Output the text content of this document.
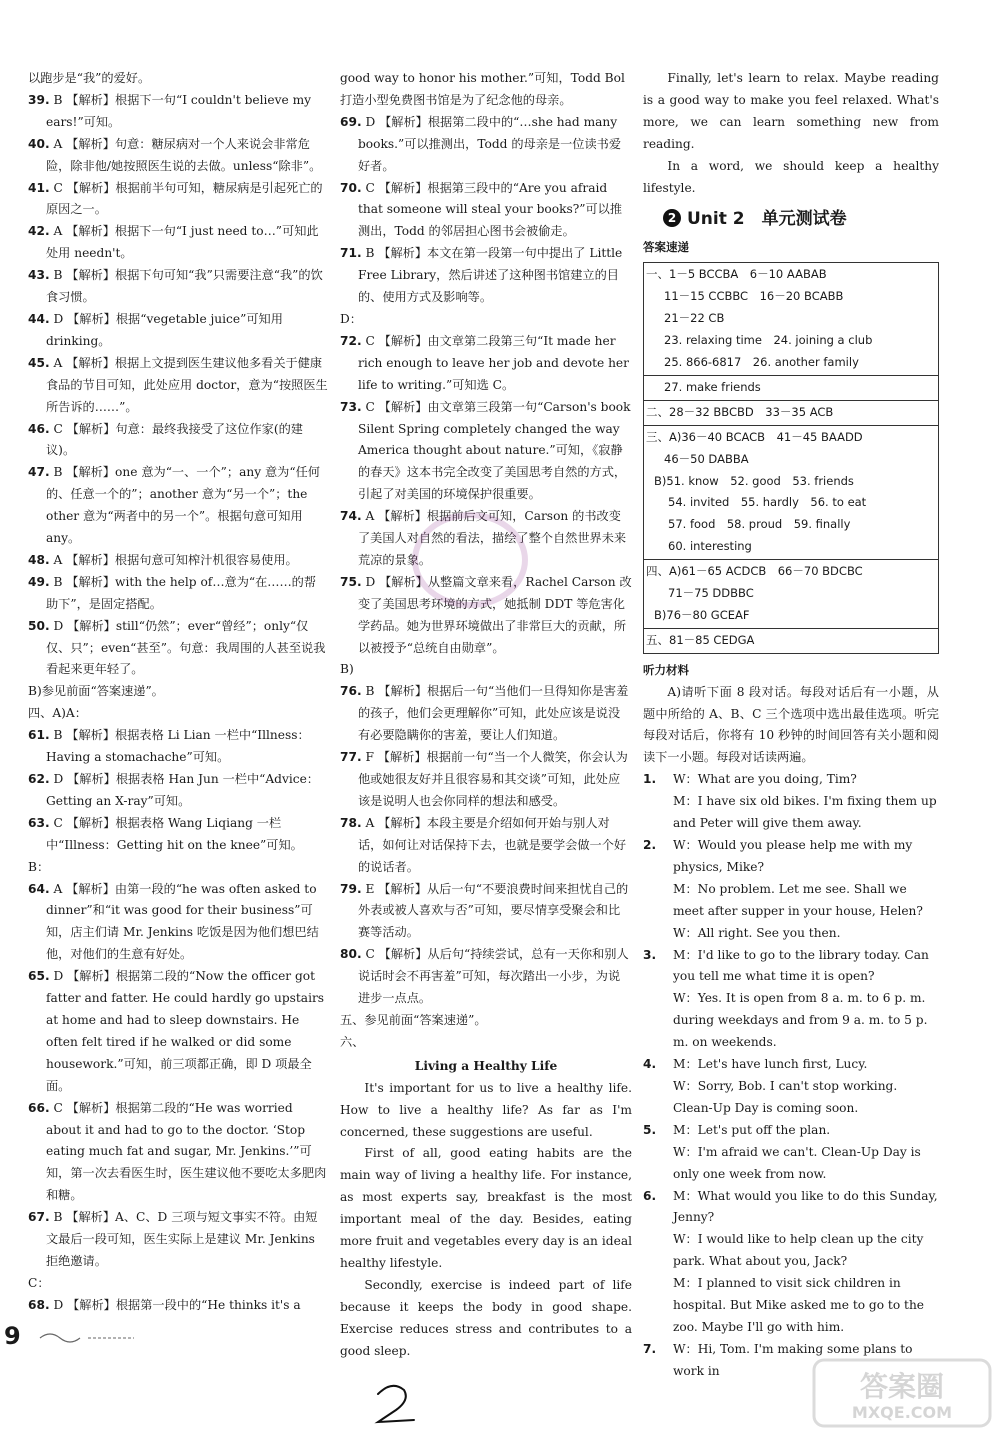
以跑步是“我”的爱好。

39. B 【解析】根据下一句“I couldn't believe my ears!”可知。

40. A 【解析】句意：糖尿病对一个人来说会非常危险，除非他/她按照医生说的去做。unless“除非”。

41. C 【解析】根据前半句可知，糖尿病是引起死亡的原因之一。

42. A 【解析】根据下一句“I just need to…”可知此处用 needn't。

43. B 【解析】根据下句可知“我”只需要注意“我”的饮食习惯。

44. D 【解析】根据“vegetable juice”可知用 drinking。

45. A 【解析】根据上文提到医生建议他多看关于健康食品的节目可知，此处应用 doctor，意为“按照医生所告诉的……”。

46. C 【解析】句意：最终我接受了这位作家(的建议)。

47. B 【解析】one 意为“一、一个”；any 意为“任何的、任意一个的”；another 意为“另一个”；the other 意为“两者中的另一个”。根据句意可知用 any。

48. A 【解析】根据句意可知榨汁机很容易使用。

49. B 【解析】with the help of…意为“在……的帮助下”，是固定搭配。

50. D 【解析】still“仍然”；ever“曾经”；only“仅仅、只”；even“甚至”。句意：我周围的人甚至说我看起来更年轻了。

B)参见前面“答案速递”。

四、A)A：

61. B 【解析】根据表格 Li Lian 一栏中“Illness：Having a stomachache”可知。

62. D 【解析】根据表格 Han Jun 一栏中“Advice：Getting an X-ray”可知。

63. C 【解析】根据表格 Wang Liqiang 一栏中“Illness：Getting hit on the knee”可知。

B：

64. A 【解析】由第一段的“he was often asked to dinner”和“it was good for their business”可知，店主们请 Mr. Jenkins 吃饭是因为他们想巴结他，对他们的生意有好处。

65. D 【解析】根据第二段的“Now the officer got fatter and fatter. He could hardly go upstairs at home and had to sleep downstairs. He often felt tired if he walked or did some housework.”可知，前三项都正确，即 D 项最全面。

66. C 【解析】根据第二段的“He was worried about it and had to go to the doctor. ‘Stop eating much fat and sugar, Mr. Jenkins.’”可知，第一次去看医生时，医生建议他不要吃太多肥肉和糖。

67. B 【解析】A、C、D 三项与短文事实不符。由短文最后一段可知，医生实际上是建议 Mr. Jenkins 拒绝邀请。

C：

68. D 【解析】根据第一段中的“He thinks it's a

good way to honor his mother.”可知，Todd Bol 打造小型免费图书馆是为了纪念他的母亲。

69. D 【解析】根据第二段中的“…she had many books.”可以推测出，Todd 的母亲是一位读书爱好者。

70. C 【解析】根据第三段中的“Are you afraid that someone will steal your books?”可以推测出，Todd 的邻居担心图书会被偷走。

71. B 【解析】本文在第一段第一句中提出了 Little Free Library，然后讲述了这种图书馆建立的目的、使用方式及影响等。

D：

72. C 【解析】由文章第二段第三句“It made her rich enough to leave her job and devote her life to writing.”可知选 C。

73. C 【解析】由文章第三段第一句“Carson's book Silent Spring completely changed the way America thought about nature.”可知，《寂静的春天》这本书完全改变了美国思考自然的方式，引起了对美国的环境保护很重要。

74. A 【解析】根据前后文可知，Carson 的书改变了美国人对自然的看法，描绘了整个自然世界未来荒凉的景象。

75. D 【解析】从整篇文章来看，Rachel Carson 改变了美国思考环境的方式，她抵制 DDT 等危害化学药品。她为世界环境做出了非常巨大的贡献，所以被授予“总统自由勋章”。

B)

76. B 【解析】根据后一句“当他们一旦得知你是害羞的孩子，他们会更理解你”可知，此处应该是说没有必要隐瞒你的害羞，要让人们知道。

77. F 【解析】根据前一句“当一个人微笑，你会认为他或她很友好并且很容易和其交谈”可知，此处应该是说明人也会你同样的想法和感受。

78. A 【解析】本段主要是介绍如何开始与别人对话，如何让对话保持下去，也就是要学会做一个好的说话者。

79. E 【解析】从后一句“不要浪费时间来担忧自己的外表或被人喜欢与否”可知，要尽情享受聚会和比赛等活动。

80. C 【解析】从后句“持续尝试，总有一天你和别人说话时会不再害羞”可知，每次踏出一小步，为说进步一点点。

五、参见前面“答案速递”。

六、

Living a Healthy Life

It's important for us to live a healthy life. How to live a healthy life? As far as I'm concerned, these suggestions are useful.

First of all, good eating habits are the main way of living a healthy life. For instance, as most experts say, breakfast is the most important meal of the day. Besides, eating more fruit and vegetables every day is an ideal healthy lifestyle.

Secondly, exercise is indeed part of life because it keeps the body in good shape. Exercise reduces stress and contributes to a good sleep.

Finally, let's learn to relax. Maybe reading is a good way to make you feel relaxed. What's more, we can learn something new from reading.

In a word, we should keep a healthy lifestyle.

2 Unit 2　单元测试卷

答案速递

一、1－5 BCCBA　6－10 AABAB
11－15 CCBBC　16－20 BCABB
21－22 CB
23. relaxing time　24. joining a club
25. 866-6817　26. another family
27. make friends
二、28－32 BBCBD　33－35 ACB
三、A)36－40 BCACB　41－45 BAADD
46－50 DABBA
B)51. know　52. good　53. friends
54. invited　55. hardly　56. to eat
57. food　58. proud　59. finally
60. interesting
四、A)61－65 ACDCB　66－70 BDCBC
71－75 DDBBC
B)76－80 GCEAF
五、81－85 CEDGA

听力材料

A)请听下面 8 段对话。每段对话后有一小题，从题中所给的 A、B、C 三个选项中选出最佳选项。听完每段对话后，你将有 10 秒钟的时间回答有关小题和阅读下一小题。每段对话读两遍。

1. W：What are you doing, Tim?

M：I have six old bikes. I'm fixing them up and Peter will give them away.

2. W：Would you please help me with my physics, Mike?

M：No problem. Let me see. Shall we meet after supper in your house, Helen?

W：All right. See you then.

3. M：I'd like to go to the library today. Can you tell me what time it is open?

W：Yes. It is open from 8 a. m. to 6 p. m. during weekdays and from 9 a. m. to 5 p. m. on weekends.

4. M：Let's have lunch first, Lucy.

W：Sorry, Bob. I can't stop working. Clean-Up Day is coming soon.

5. M：Let's put off the plan.

W：I'm afraid we can't. Clean-Up Day is only one week from now.

6. M：What would you like to do this Sunday, Jenny?

W：I would like to help clean up the city park. What about you, Jack?

M：I planned to visit sick children in hospital. But Mike asked me to go to the zoo. Maybe I'll go with him.

7. W：Hi, Tom. I'm making some plans to work in

9
答案圈
MXQE.COM
